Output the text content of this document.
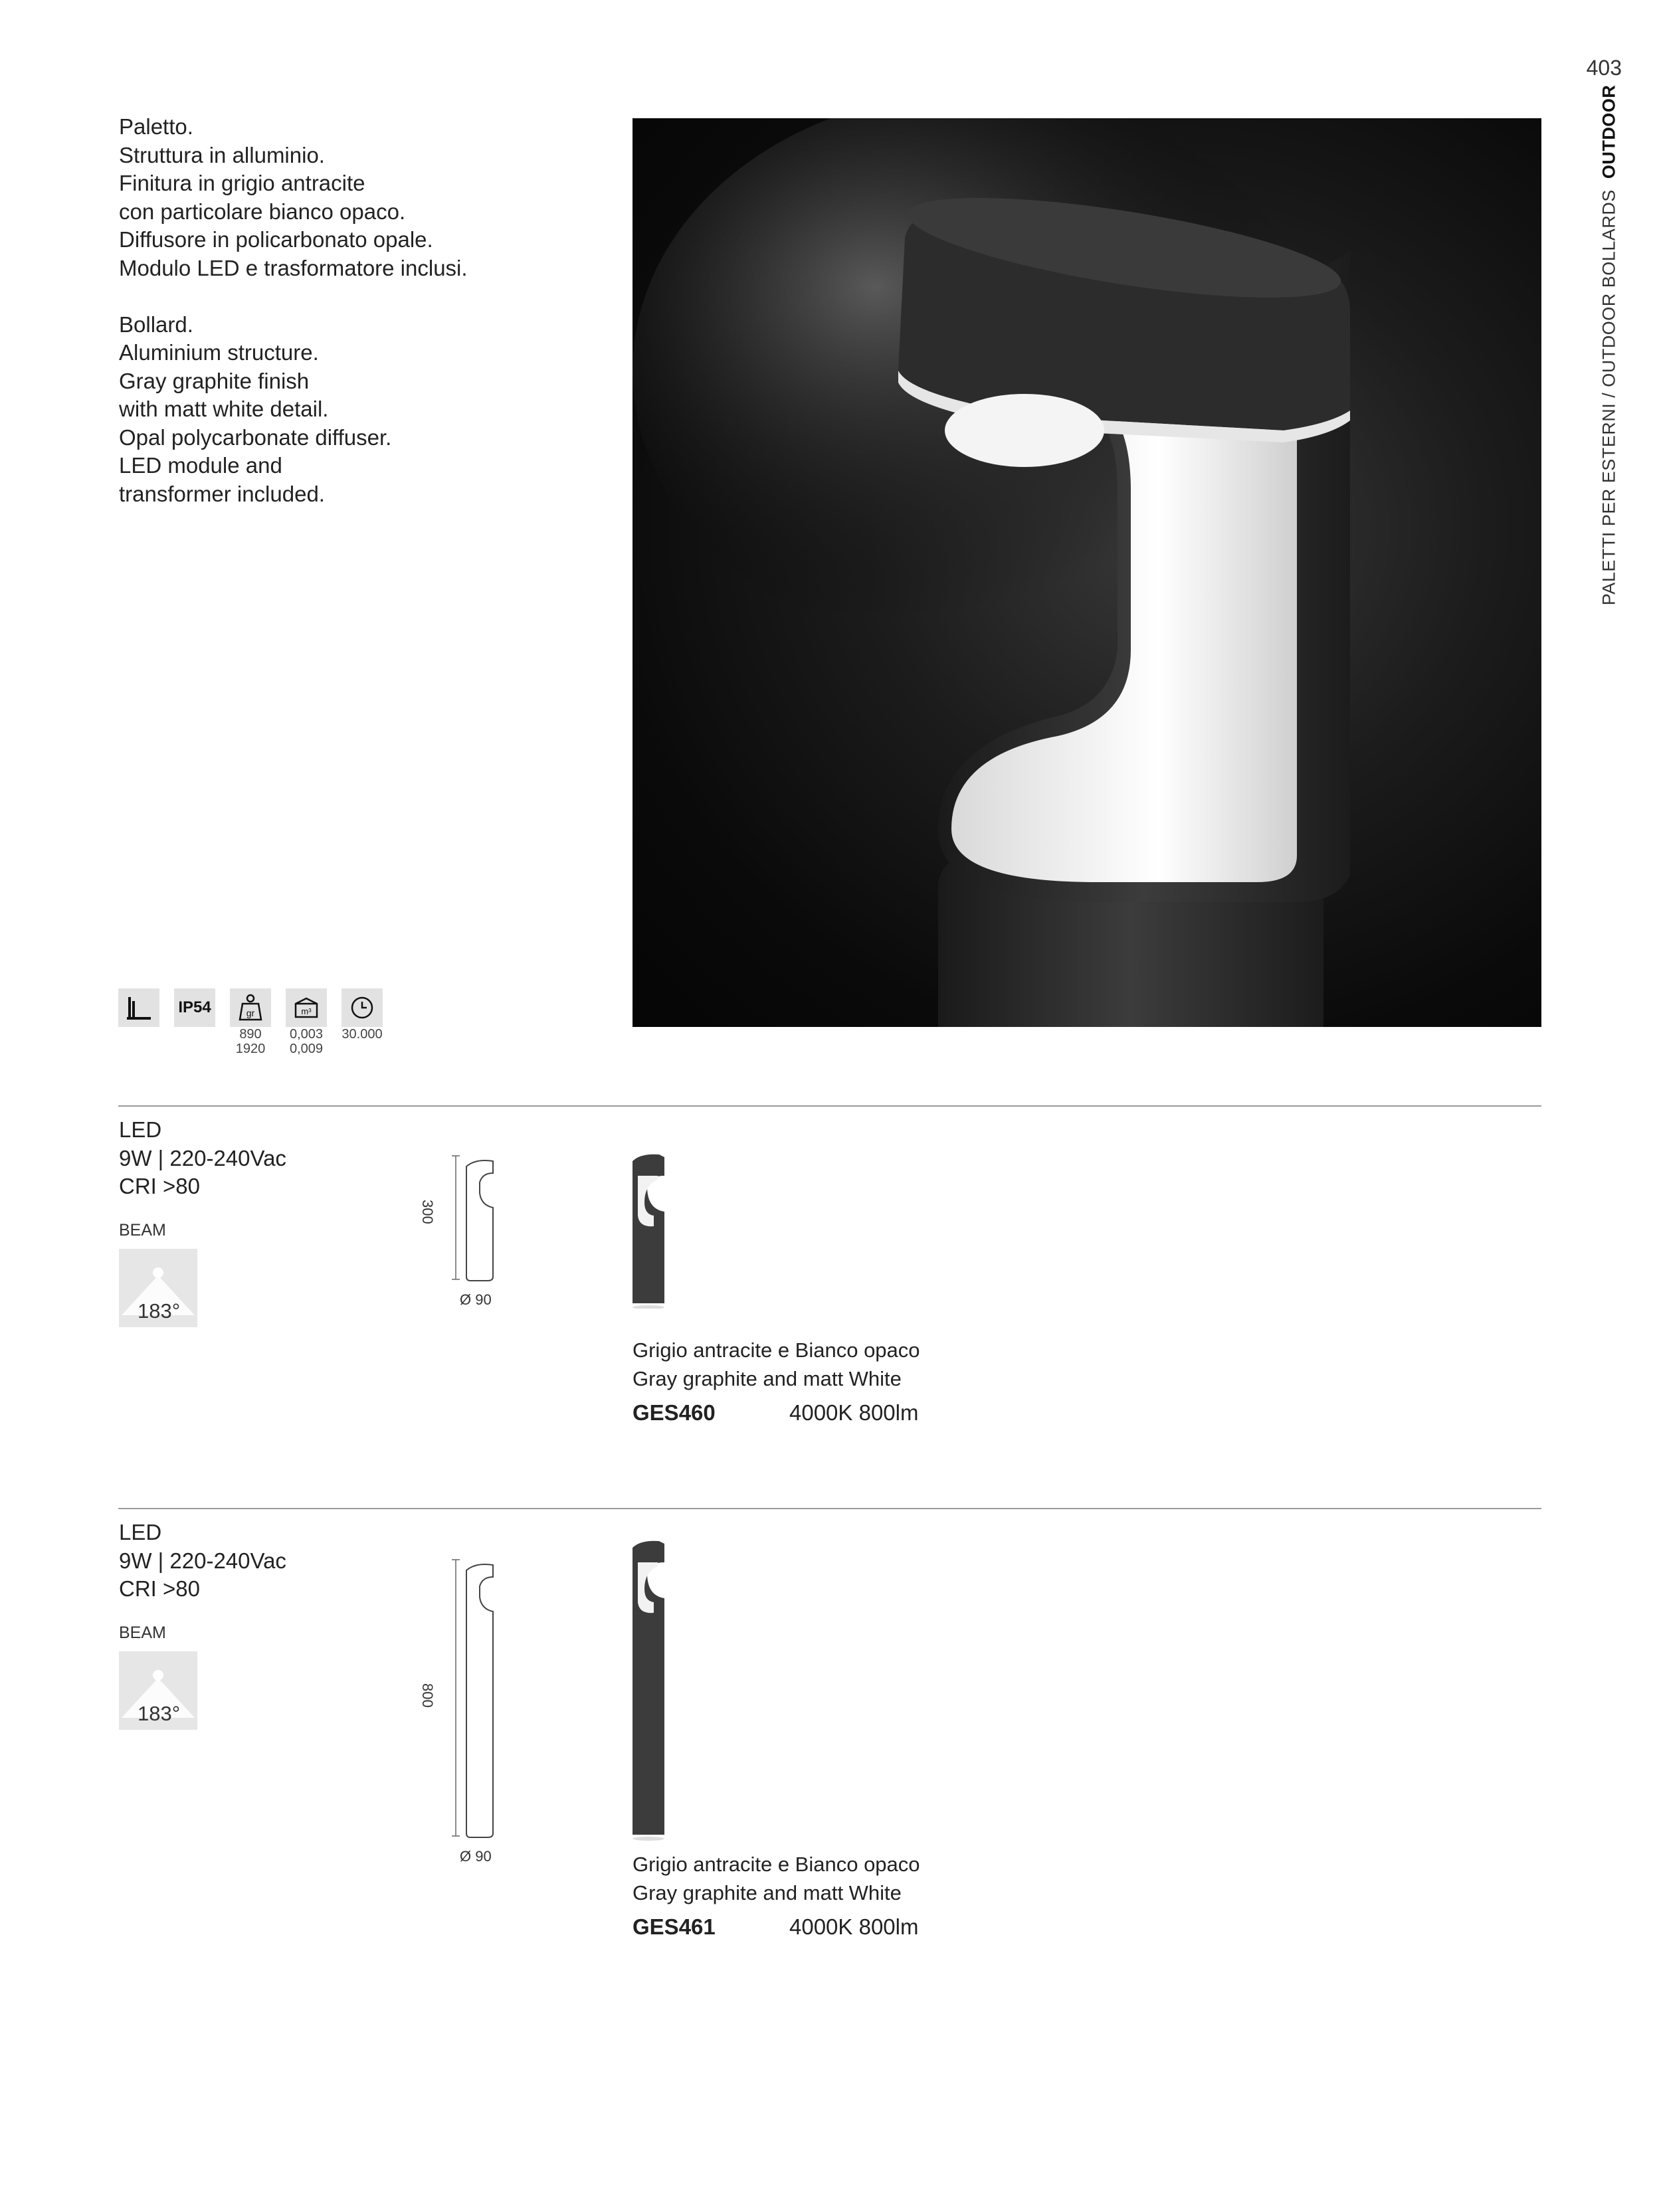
403
PALETTI PER ESTERNI / OUTDOOR BOLLARDS  OUTDOOR

Paletto.

Struttura in alluminio.

Finitura in grigio antracite

con particolare bianco opaco.

Diffusore in policarbonato opale.

Modulo LED e trasformatore inclusi.

Bollard.

Aluminium structure.

Gray graphite finish

with matt white detail.

Opal polycarbonate diffuser.

LED module and

transformer included.

IP54	gr
890
1920
m³
0,003
0,009
30.000

LED

9W | 220-240Vac

CRI >80

BEAM
183°
300
Ø 90

Grigio antracite e Bianco opaco

Gray graphite and matt White

GES460	4000K 800lm

LED

9W | 220-240Vac

CRI >80

BEAM
183°
800
Ø 90	Grigio antracite e Bianco opaco

Gray graphite and matt White

GES461	4000K 800lm
